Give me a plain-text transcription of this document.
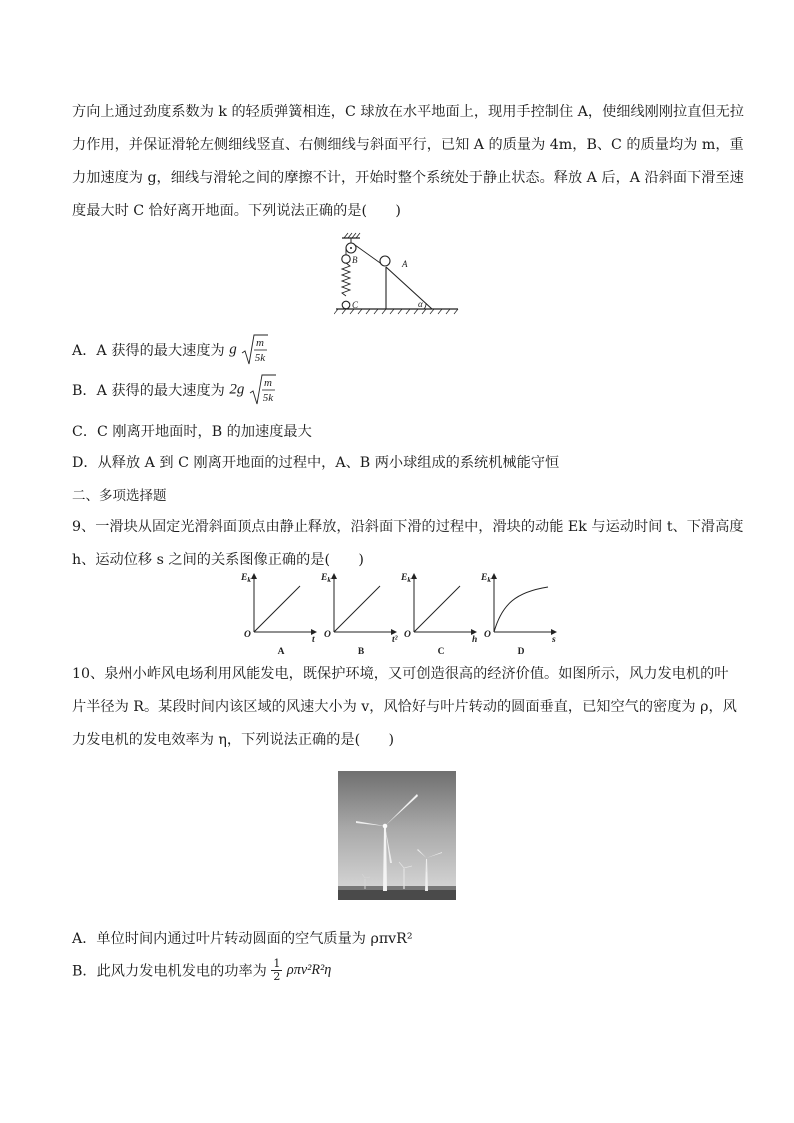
方向上通过劲度系数为 k 的轻质弹簧相连，C 球放在水平地面上，现用手控制住 A，使细线刚刚拉直但无拉
力作用，并保证滑轮左侧细线竖直、右侧细线与斜面平行，已知 A 的质量为 4m，B、C 的质量均为 m，重
力加速度为 g，细线与滑轮之间的摩擦不计，开始时整个系统处于静止状态。释放 A 后，A 沿斜面下滑至速
度最大时 C 恰好离开地面。下列说法正确的是(　　)
A
B
C	α
A．A 获得的最大速度为 g m
5k
B．A 获得的最大速度为 2g m
5k
C．C 刚离开地面时，B 的加速度最大
D．从释放 A 到 C 刚离开地面的过程中，A、B 两小球组成的系统机械能守恒
二、多项选择题
9、一滑块从固定光滑斜面顶点由静止释放，沿斜面下滑的过程中，滑块的动能 Ek 与运动时间 t、下滑高度
h、运动位移 s 之间的关系图像正确的是(　　)
$E_k$
t
O
A
$E_k$
t²
O
B
$E_k$
h
O
C
$E_k$
s
O
D
10、泉州小岞风电场利用风能发电，既保护环境，又可创造很高的经济价值。如图所示，风力发电机的叶
片半径为 R。某段时间内该区域的风速大小为 v，风恰好与叶片转动的圆面垂直，已知空气的密度为 ρ，风
力发电机的发电效率为 η，下列说法正确的是(　　)
A．单位时间内通过叶片转动圆面的空气质量为 ρπvR²
B．此风力发电机发电的功率为 $\frac{1}{2} \rho\pi v^2R^2\eta$
